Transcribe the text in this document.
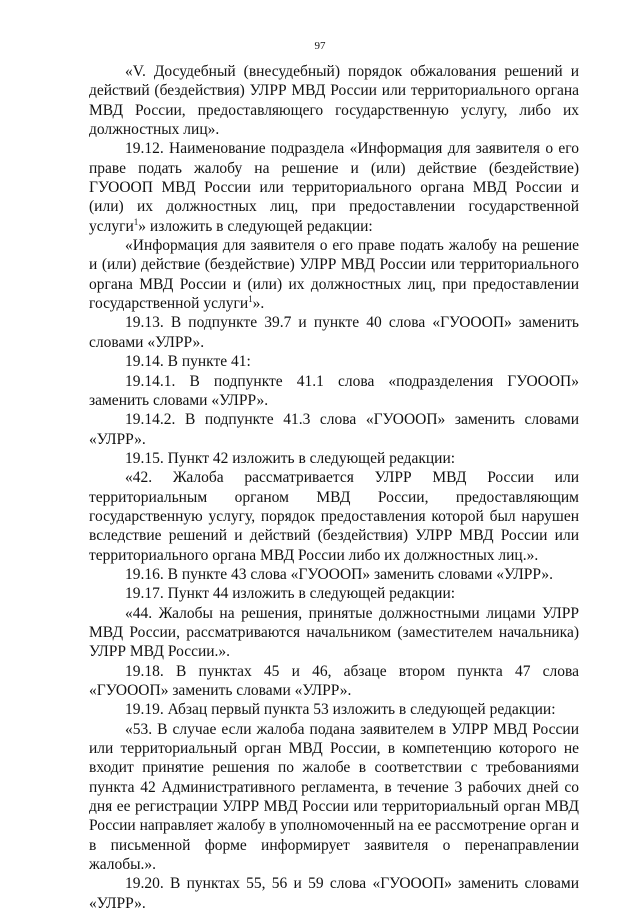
97

«V. Досудебный (внесудебный) порядок обжалования решений и действий (бездействия) УЛРР МВД России или территориального органа МВД России, предоставляющего государственную услугу, либо их должностных лиц».

19.12. Наименование подраздела «Информация для заявителя о его праве подать жалобу на решение и (или) действие (бездействие) ГУОООП МВД России или территориального органа МВД России и (или) их должностных лиц, при предоставлении государственной услуги$^1$» изложить в следующей редакции:

«Информация для заявителя о его праве подать жалобу на решение и (или) действие (бездействие) УЛРР МВД России или территориального органа МВД России и (или) их должностных лиц, при предоставлении государственной услуги$^1$».

19.13. В подпункте 39.7 и пункте 40 слова «ГУОООП» заменить словами «УЛРР».

19.14. В пункте 41:

19.14.1. В подпункте 41.1 слова «подразделения ГУОООП» заменить словами «УЛРР».

19.14.2. В подпункте 41.3 слова «ГУОООП» заменить словами «УЛРР».

19.15. Пункт 42 изложить в следующей редакции:

«42. Жалоба рассматривается УЛРР МВД России или территориальным органом МВД России, предоставляющим государственную услугу, порядок предоставления которой был нарушен вследствие решений и действий (бездействия) УЛРР МВД России или территориального органа МВД России либо их должностных лиц.».

19.16. В пункте 43 слова «ГУОООП» заменить словами «УЛРР».

19.17. Пункт 44 изложить в следующей редакции:

«44. Жалобы на решения, принятые должностными лицами УЛРР МВД России, рассматриваются начальником (заместителем начальника) УЛРР МВД России.».

19.18. В пунктах 45 и 46, абзаце втором пункта 47 слова «ГУОООП» заменить словами «УЛРР».

19.19. Абзац первый пункта 53 изложить в следующей редакции:

«53. В случае если жалоба подана заявителем в УЛРР МВД России или территориальный орган МВД России, в компетенцию которого не входит принятие решения по жалобе в соответствии с требованиями пункта 42 Административного регламента, в течение 3 рабочих дней со дня ее регистрации УЛРР МВД России или территориальный орган МВД России направляет жалобу в уполномоченный на ее рассмотрение орган и в письменной форме информирует заявителя о перенаправлении жалобы.».

19.20. В пунктах 55, 56 и 59 слова «ГУОООП» заменить словами «УЛРР».
